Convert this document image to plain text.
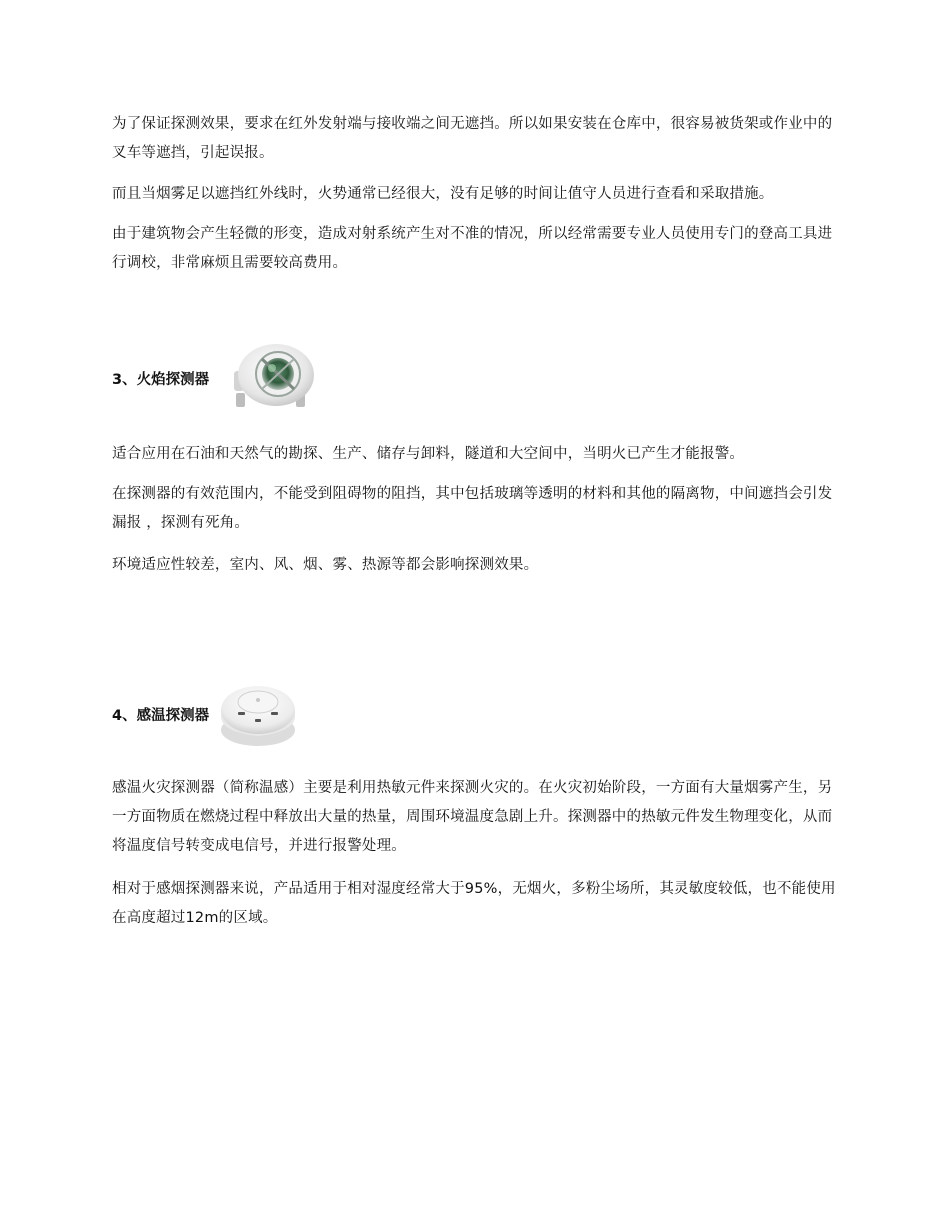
为了保证探测效果，要求在红外发射端与接收端之间无遮挡。所以如果安装在仓库中，很容易被货架或作业中的叉车等遮挡，引起误报。

而且当烟雾足以遮挡红外线时，火势通常已经很大，没有足够的时间让值守人员进行查看和采取措施。

由于建筑物会产生轻微的形变，造成对射系统产生对不准的情况，所以经常需要专业人员使用专门的登高工具进行调校，非常麻烦且需要较高费用。

3、火焰探测器

适合应用在石油和天然气的勘探、生产、储存与卸料，隧道和大空间中，当明火已产生才能报警。

在探测器的有效范围内，不能受到阻碍物的阻挡，其中包括玻璃等透明的材料和其他的隔离物，中间遮挡会引发漏报 ，探测有死角。

环境适应性较差，室内、风、烟、雾、热源等都会影响探测效果。

4、感温探测器

感温火灾探测器（简称温感）主要是利用热敏元件来探测火灾的。在火灾初始阶段，一方面有大量烟雾产生，另一方面物质在燃烧过程中释放出大量的热量，周围环境温度急剧上升。探测器中的热敏元件发生物理变化，从而将温度信号转变成电信号，并进行报警处理。

相对于感烟探测器来说，产品适用于相对湿度经常大于95%，无烟火，多粉尘场所，其灵敏度较低，也不能使用在高度超过12m的区域。
